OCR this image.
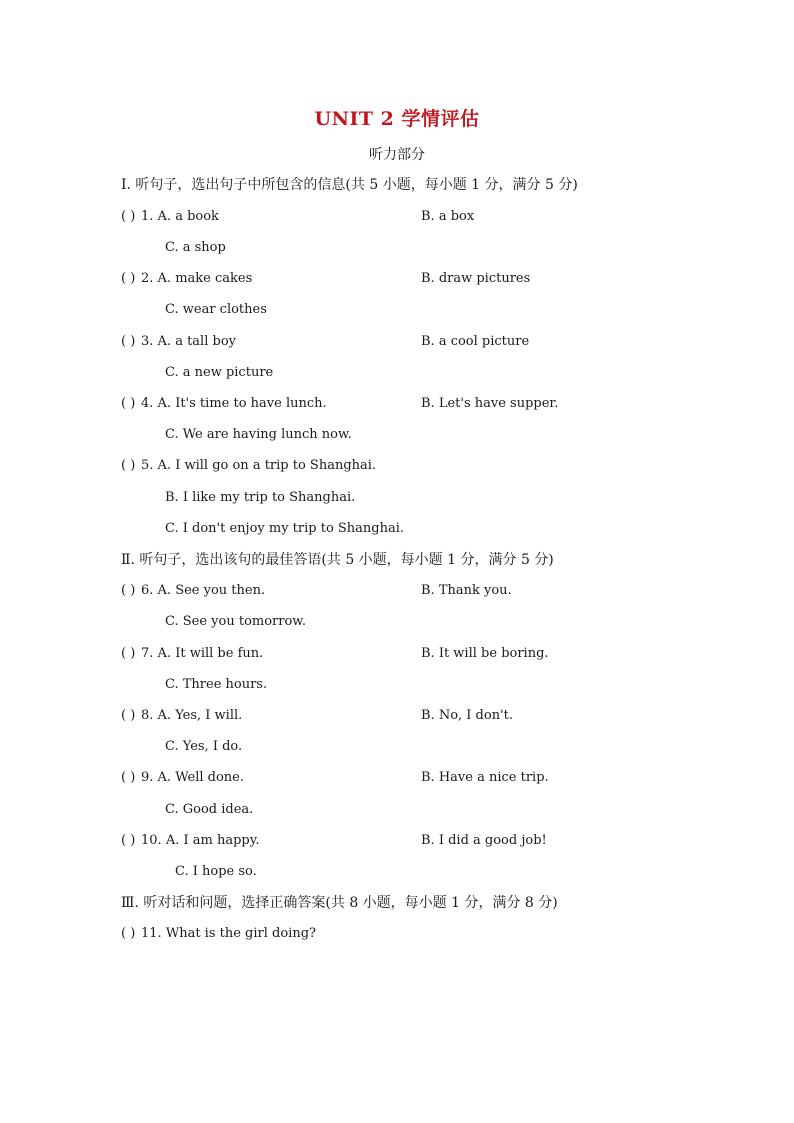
UNIT 2 学情评估
听力部分
Ⅰ. 听句子，选出句子中所包含的信息(共 5 小题，每小题 1 分，满分 5 分)
( ) 1. A. a book	B. a box
C. a shop
( ) 2. A. make cakes	B. draw pictures
C. wear clothes
( ) 3. A. a tall boy	B. a cool picture
C. a new picture
( ) 4. A. It's time to have lunch.	B. Let's have supper.
C. We are having lunch now.
( ) 5. A. I will go on a trip to Shanghai.
B. I like my trip to Shanghai.
C. I don't enjoy my trip to Shanghai.
Ⅱ. 听句子，选出该句的最佳答语(共 5 小题，每小题 1 分，满分 5 分)
( ) 6. A. See you then.	B. Thank you.
C. See you tomorrow.
( ) 7. A. It will be fun.	B. It will be boring.
C. Three hours.
( ) 8. A. Yes, I will.	B. No, I don't.
C. Yes, I do.
( ) 9. A. Well done.	B. Have a nice trip.
C. Good idea.
( ) 10. A. I am happy.	B. I did a good job!
C. I hope so.
Ⅲ. 听对话和问题，选择正确答案(共 8 小题，每小题 1 分，满分 8 分)
( ) 11. What is the girl doing?
